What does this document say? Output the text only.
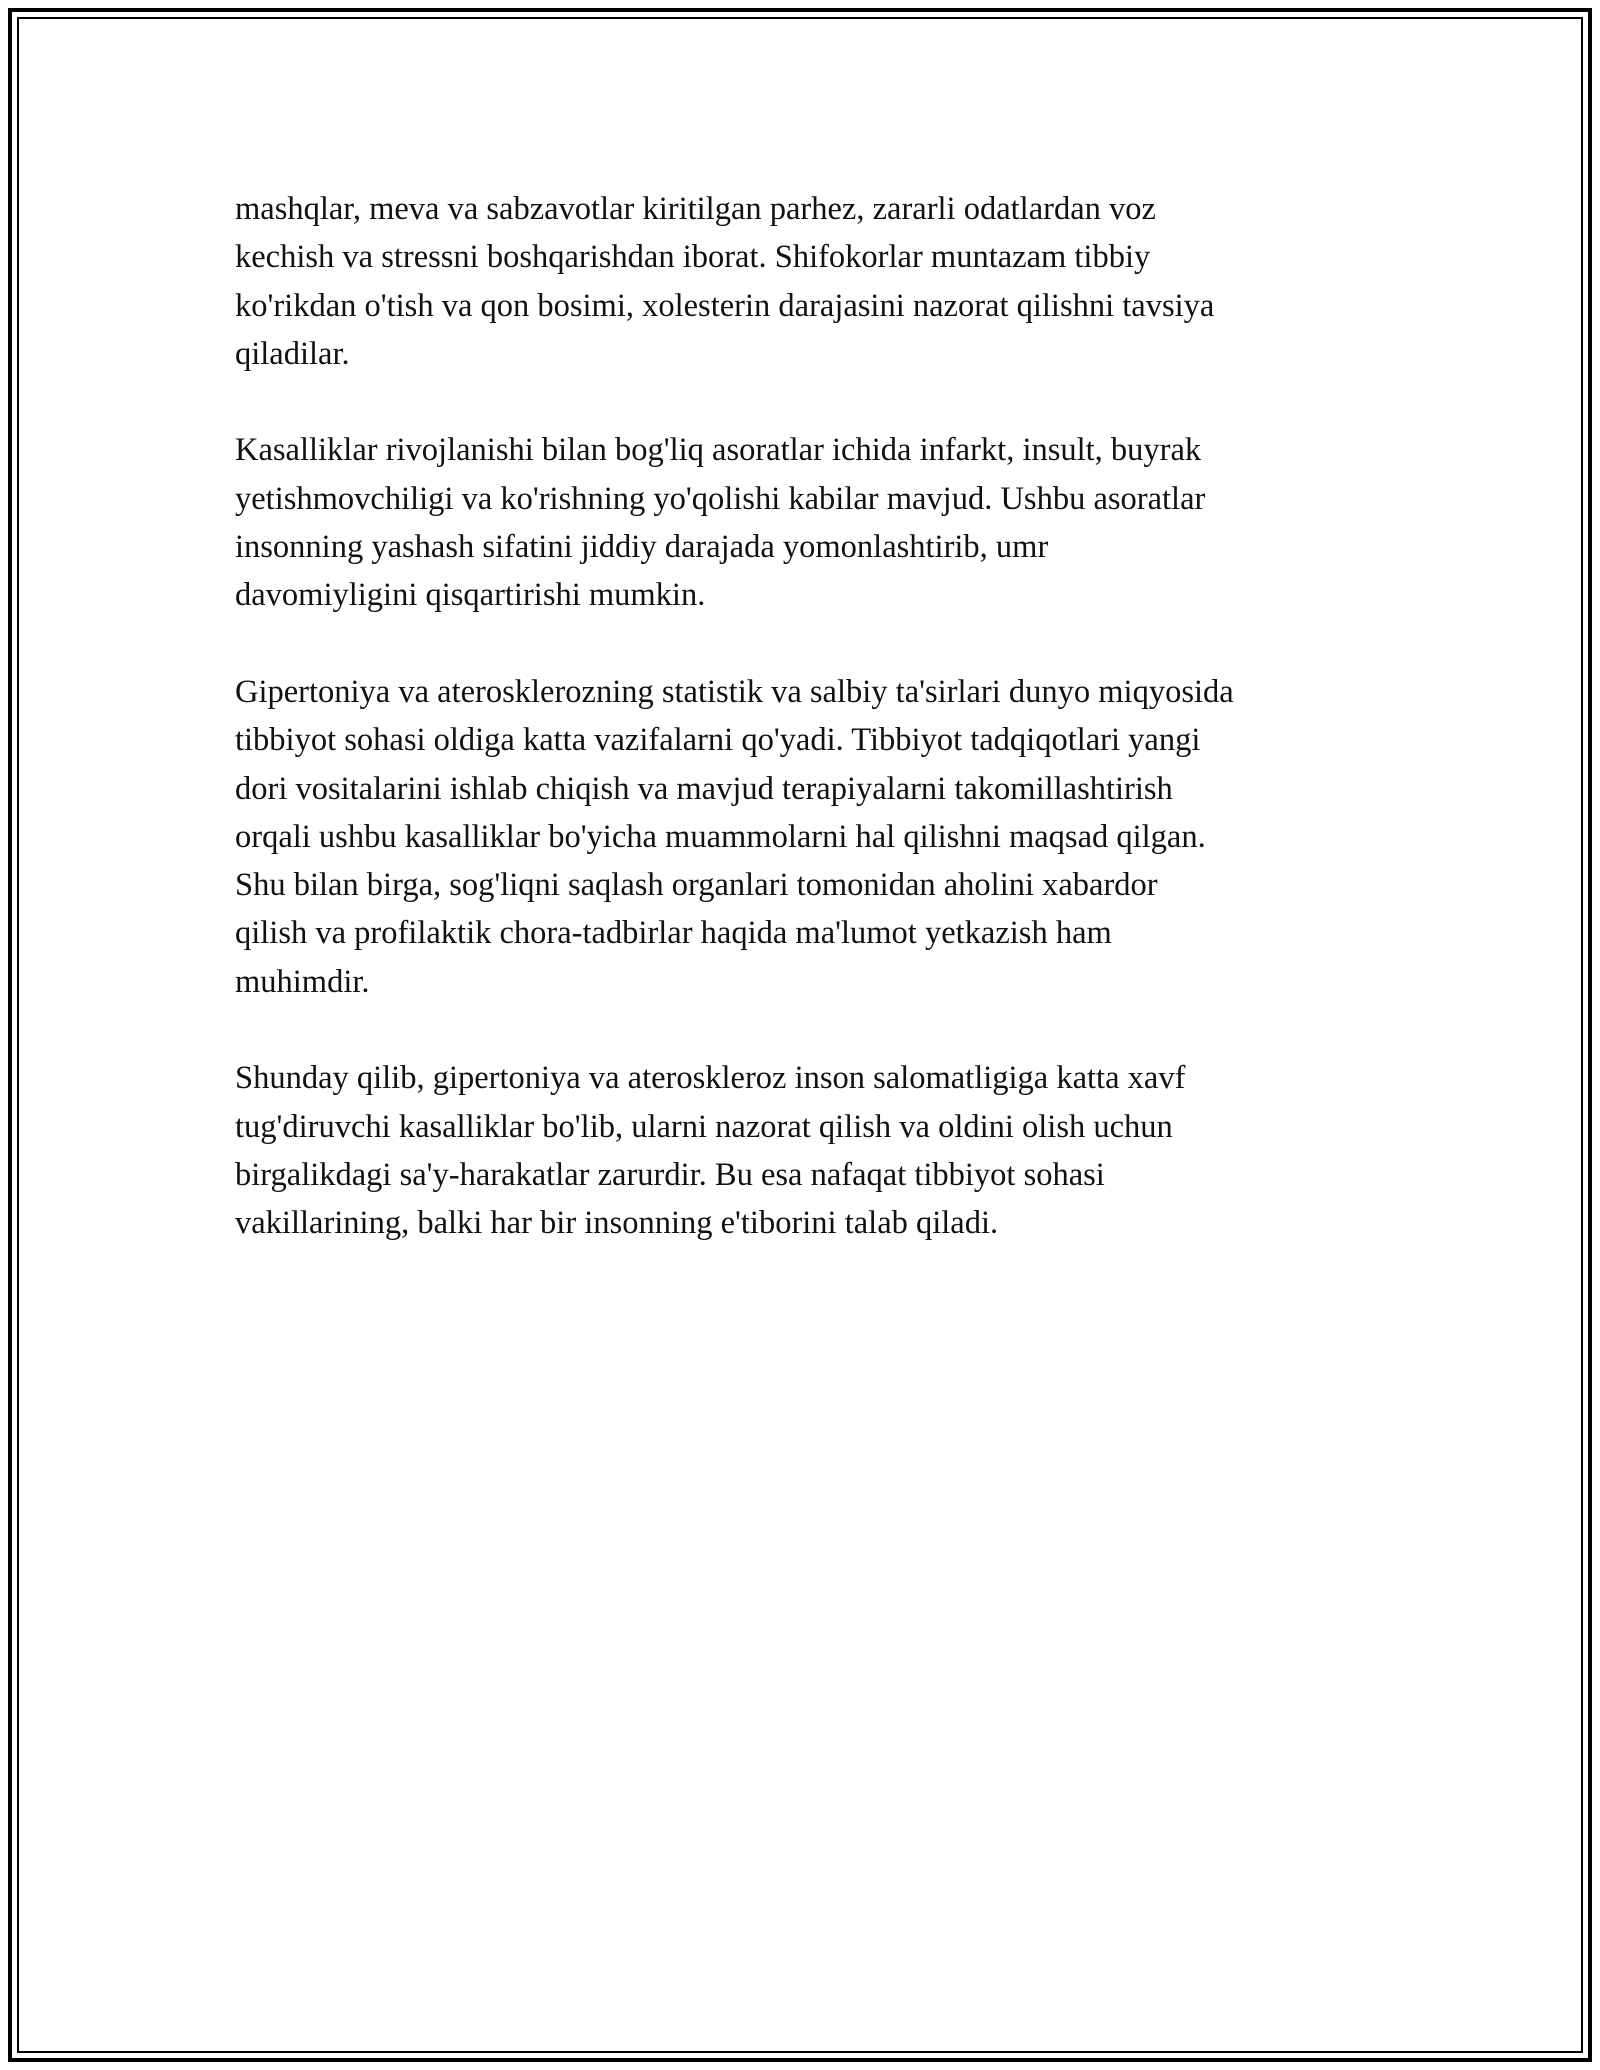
mashqlar, meva va sabzavotlar kiritilgan parhez, zararli odatlardan voz
kechish va stressni boshqarishdan iborat. Shifokorlar muntazam tibbiy
ko'rikdan o'tish va qon bosimi, xolesterin darajasini nazorat qilishni tavsiya
qiladilar.

Kasalliklar rivojlanishi bilan bog'liq asoratlar ichida infarkt, insult, buyrak
yetishmovchiligi va ko'rishning yo'qolishi kabilar mavjud. Ushbu asoratlar
insonning yashash sifatini jiddiy darajada yomonlashtirib, umr
davomiyligini qisqartirishi mumkin.

Gipertoniya va aterosklerozning statistik va salbiy ta'sirlari dunyo miqyosida
tibbiyot sohasi oldiga katta vazifalarni qo'yadi. Tibbiyot tadqiqotlari yangi
dori vositalarini ishlab chiqish va mavjud terapiyalarni takomillashtirish
orqali ushbu kasalliklar bo'yicha muammolarni hal qilishni maqsad qilgan.
Shu bilan birga, sog'liqni saqlash organlari tomonidan aholini xabardor
qilish va profilaktik chora-tadbirlar haqida ma'lumot yetkazish ham
muhimdir.

Shunday qilib, gipertoniya va ateroskleroz inson salomatligiga katta xavf
tug'diruvchi kasalliklar bo'lib, ularni nazorat qilish va oldini olish uchun
birgalikdagi sa'y-harakatlar zarurdir. Bu esa nafaqat tibbiyot sohasi
vakillarining, balki har bir insonning e'tiborini talab qiladi.
